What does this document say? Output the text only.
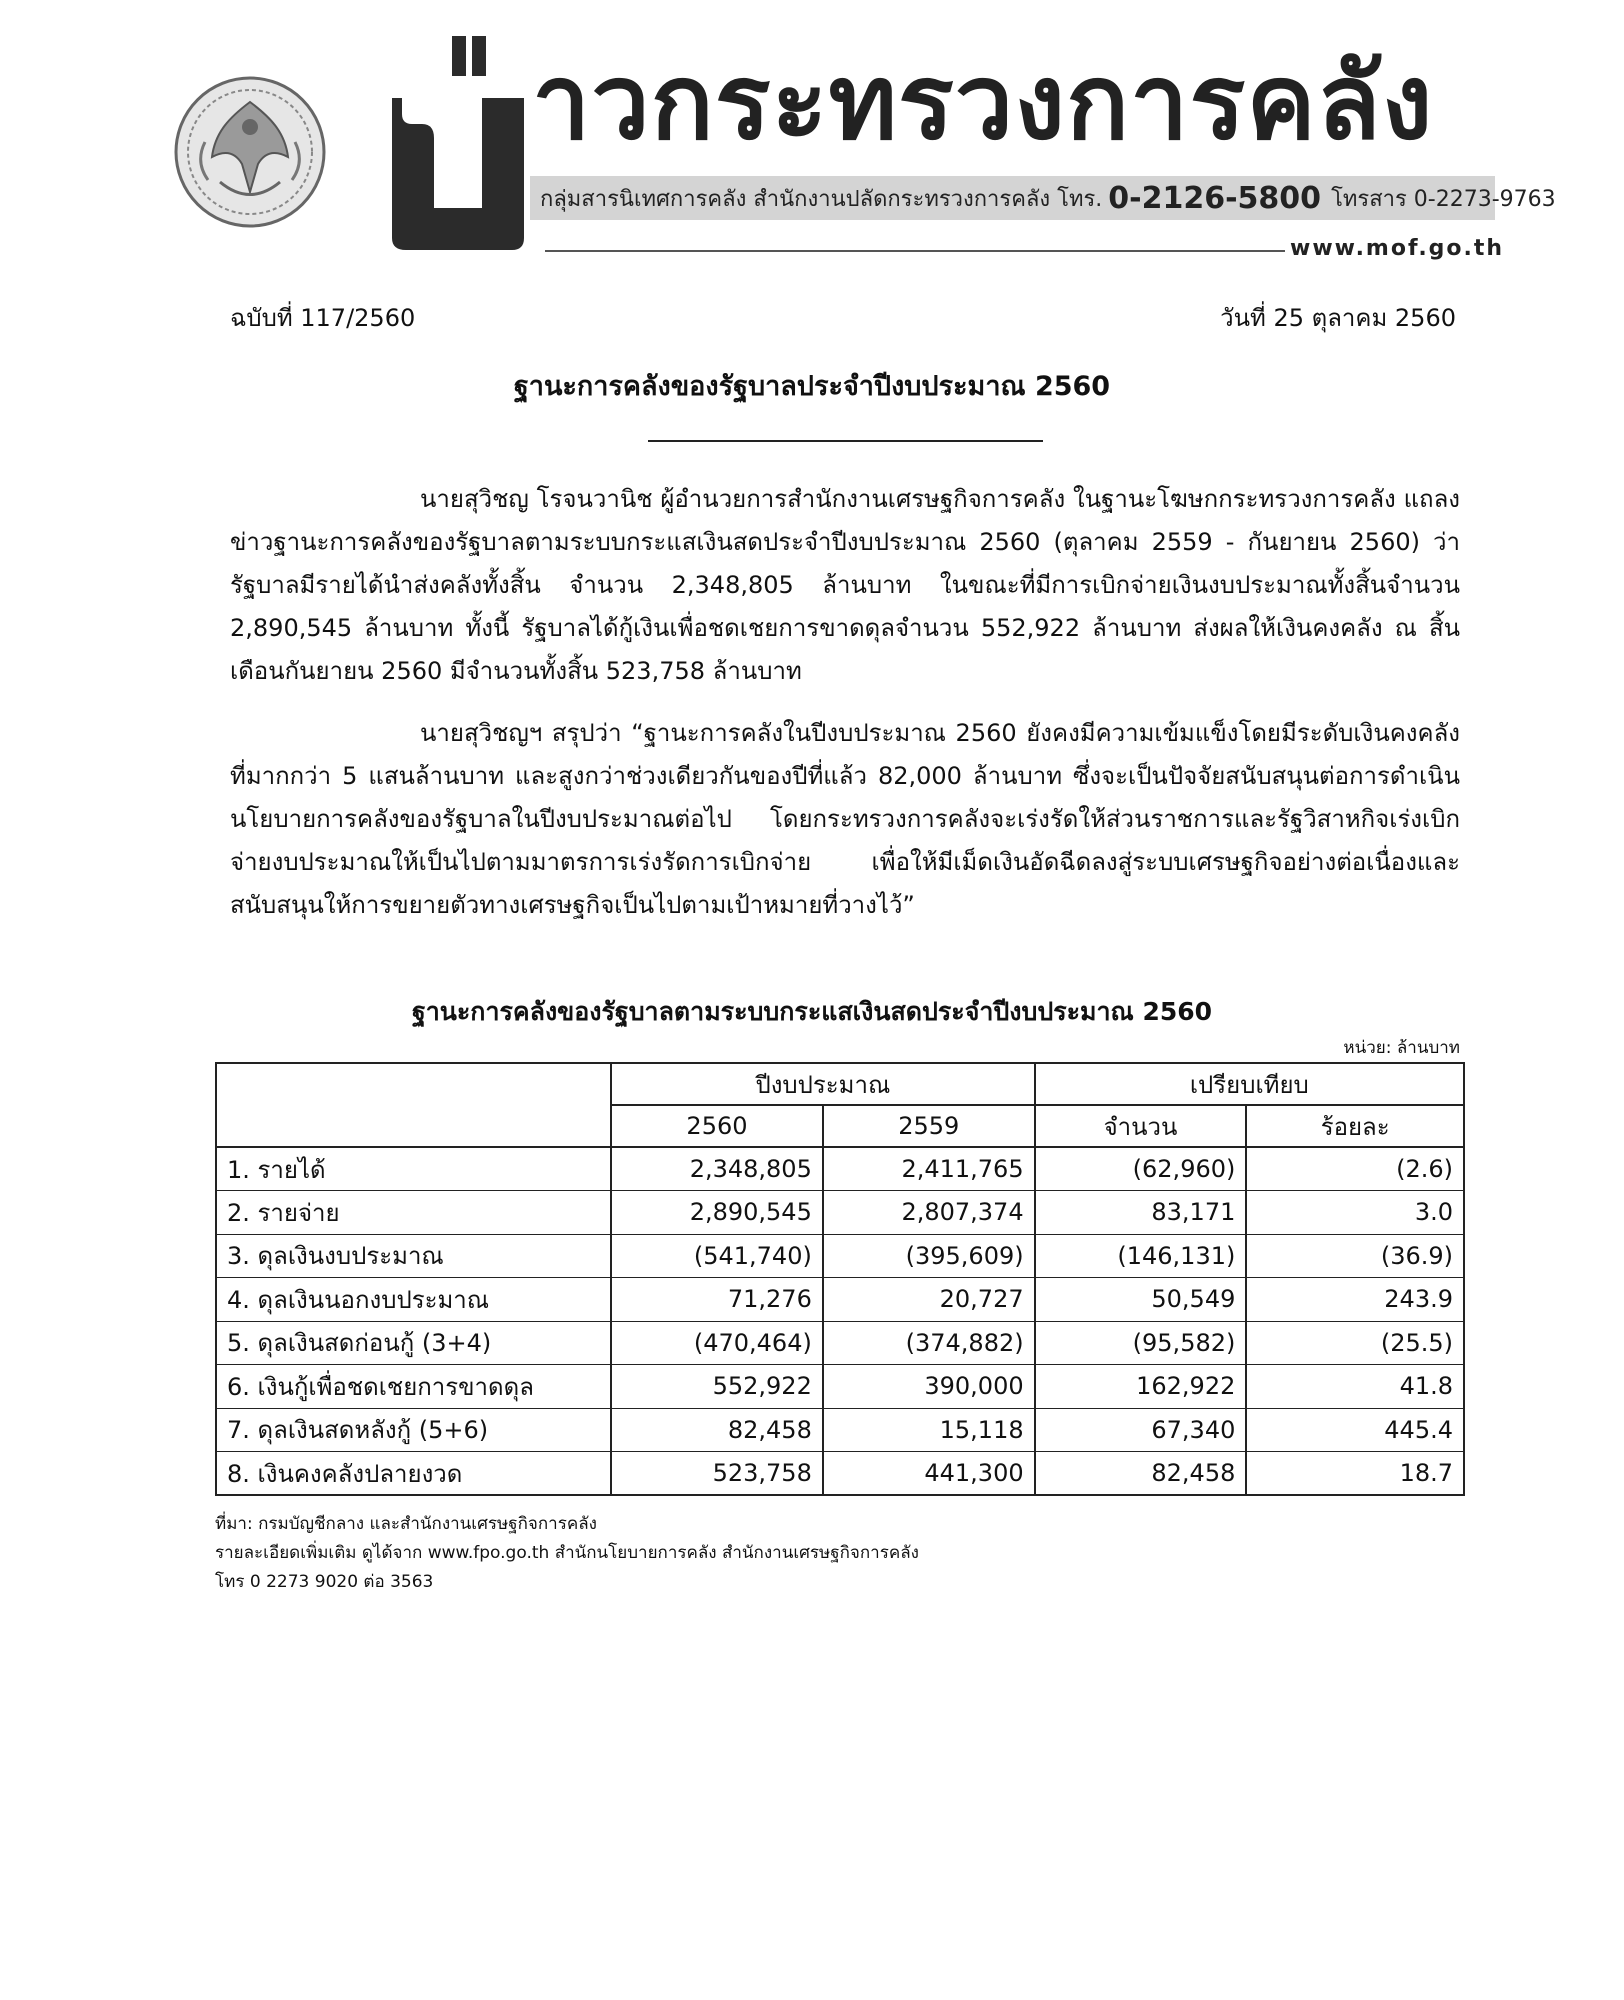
าวกระทรวงการคลัง
กลุ่มสารนิเทศการคลัง สำนักงานปลัดกระทรวงการคลัง โทร. 0-2126-5800 โทรสาร 0-2273-9763
www.mof.go.th
ฉบับที่ 117/2560	วันที่ 25 ตุลาคม 2560
ฐานะการคลังของรัฐบาลประจำปีงบประมาณ 2560

นายสุวิชญ โรจนวานิช ผู้อำนวยการสำนักงานเศรษฐกิจการคลัง ในฐานะโฆษกกระทรวงการคลัง แถลงข่าวฐานะการคลังของรัฐบาลตามระบบกระแสเงินสดประจำปีงบประมาณ 2560 (ตุลาคม 2559 - กันยายน 2560) ว่ารัฐบาลมีรายได้นำส่งคลังทั้งสิ้น จำนวน 2,348,805 ล้านบาท ในขณะที่มีการเบิกจ่ายเงินงบประมาณทั้งสิ้นจำนวน 2,890,545 ล้านบาท ทั้งนี้ รัฐบาลได้กู้เงินเพื่อชดเชยการขาดดุลจำนวน 552,922 ล้านบาท ส่งผลให้เงินคงคลัง ณ สิ้นเดือนกันยายน 2560 มีจำนวนทั้งสิ้น 523,758 ล้านบาท

นายสุวิชญฯ สรุปว่า “ฐานะการคลังในปีงบประมาณ 2560 ยังคงมีความเข้มแข็งโดยมีระดับเงินคงคลังที่มากกว่า 5 แสนล้านบาท และสูงกว่าช่วงเดียวกันของปีที่แล้ว 82,000 ล้านบาท ซึ่งจะเป็นปัจจัยสนับสนุนต่อการดำเนินนโยบายการคลังของรัฐบาลในปีงบประมาณต่อไป โดยกระทรวงการคลังจะเร่งรัดให้ส่วนราชการและรัฐวิสาหกิจเร่งเบิกจ่ายงบประมาณให้เป็นไปตามมาตรการเร่งรัดการเบิกจ่าย เพื่อให้มีเม็ดเงินอัดฉีดลงสู่ระบบเศรษฐกิจอย่างต่อเนื่องและสนับสนุนให้การขยายตัวทางเศรษฐกิจเป็นไปตามเป้าหมายที่วางไว้”

ฐานะการคลังของรัฐบาลตามระบบกระแสเงินสดประจำปีงบประมาณ 2560
หน่วย: ล้านบาท
	ปีงบประมาณ		เปรียบเทียบ	
	2560	2559	จำนวน	ร้อยละ
1. รายได้	2,348,805	2,411,765	(62,960)	(2.6)
2. รายจ่าย	2,890,545	2,807,374	83,171	3.0
3. ดุลเงินงบประมาณ	(541,740)	(395,609)	(146,131)	(36.9)
4. ดุลเงินนอกงบประมาณ	71,276	20,727	50,549	243.9
5. ดุลเงินสดก่อนกู้ (3+4)	(470,464)	(374,882)	(95,582)	(25.5)
6. เงินกู้เพื่อชดเชยการขาดดุล	552,922	390,000	162,922	41.8
7. ดุลเงินสดหลังกู้ (5+6)	82,458	15,118	67,340	445.4
8. เงินคงคลังปลายงวด	523,758	441,300	82,458	18.7
ที่มา: กรมบัญชีกลาง และสำนักงานเศรษฐกิจการคลัง
รายละเอียดเพิ่มเติม ดูได้จาก www.fpo.go.th สำนักนโยบายการคลัง สำนักงานเศรษฐกิจการคลัง
โทร 0 2273 9020 ต่อ 3563
